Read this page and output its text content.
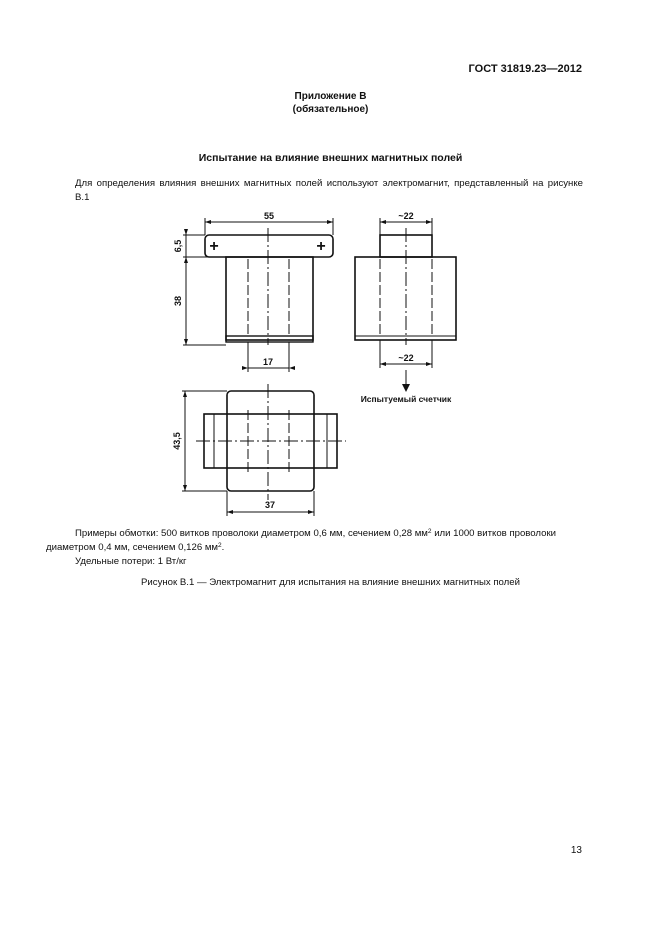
ГОСТ 31819.23—2012
Приложение В
(обязательное)
Испытание на влияние внешних магнитных полей
Для определения влияния внешних магнитных полей используют электромагнит, представленный на рисунке В.1
55
6,5
38
17
~22
~22
43,5
37
+	+
Испытуемый счетчик

Примеры обмотки: 500 витков проволоки диаметром 0,6 мм, сечением 0,28 $мм^2$ или 1000 витков проволоки

диаметром 0,4 мм, сечением 0,126 $мм^2$.

Удельные потери: 1 Вт/кг

Рисунок В.1 — Электромагнит для испытания на влияние внешних магнитных полей
13
